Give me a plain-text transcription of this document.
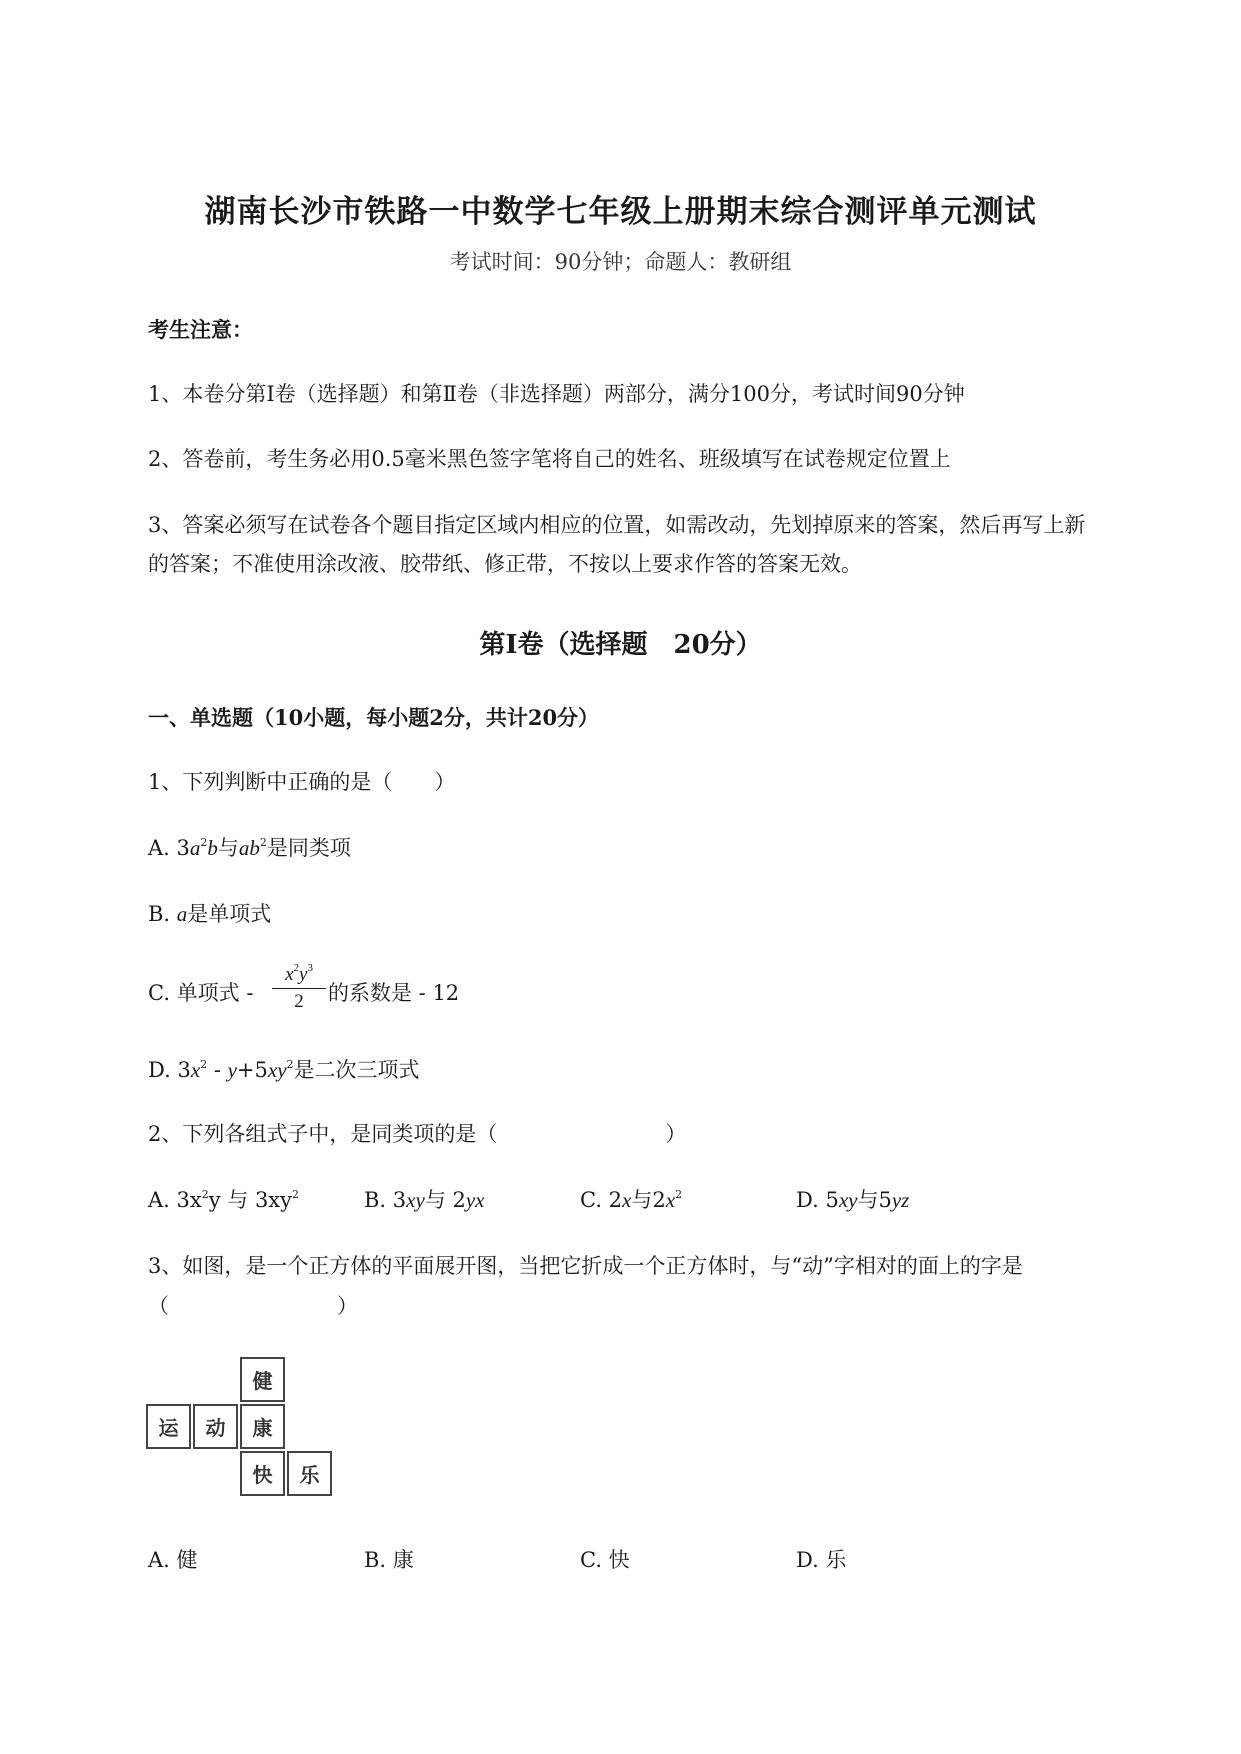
湖南长沙市铁路一中数学七年级上册期末综合测评单元测试
考试时间：90分钟；命题人：教研组
考生注意：
1、本卷分第I卷（选择题）和第Ⅱ卷（非选择题）两部分，满分100分，考试时间90分钟
2、答卷前，考生务必用0.5毫米黑色签字笔将自己的姓名、班级填写在试卷规定位置上
3、答案必须写在试卷各个题目指定区域内相应的位置，如需改动，先划掉原来的答案，然后再写上新
的答案；不准使用涂改液、胶带纸、修正带，不按以上要求作答的答案无效。
第I卷（选择题　20分）
一、单选题（10小题，每小题2分，共计20分）
1、下列判断中正确的是（　　）
A. $3a^2b$与$ab^2$是同类项
B. a是单项式
C. 单项式 - $\frac{x^2y^3}{2}$ 的系数是 - 12
D. $3x^2 - y+5xy^2$是二次三项式
2、下列各组式子中，是同类项的是（　　　　　　　　）
A. $3x^2y$ 与 $3xy^2$	B. 3xy与 2yx	C. 2x与$2x^2$	D. 5xy与5yz
3、如图，是一个正方体的平面展开图，当把它折成一个正方体时，与“动”字相对的面上的字是
（　　　　　　　　）
健
运	动	康
快	乐
A. 健	B. 康	C. 快	D. 乐
